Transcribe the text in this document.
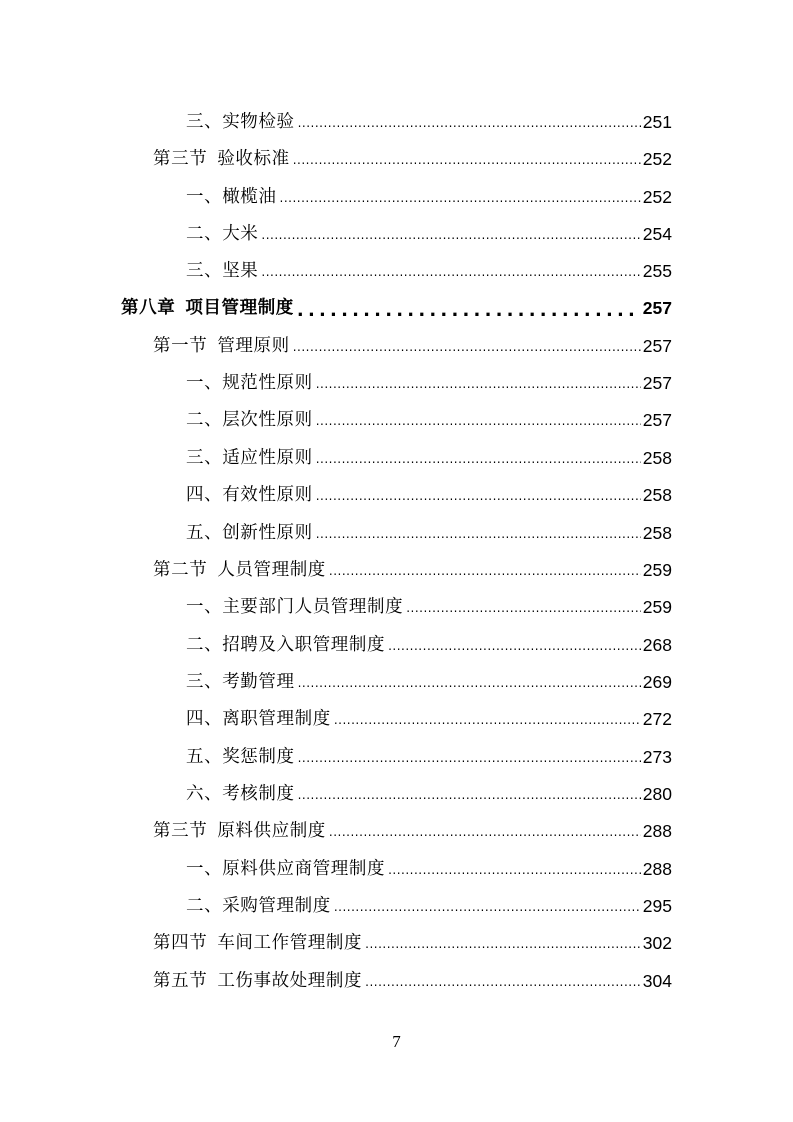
三、实物检验 .....	251
第三节 验收标准 .....	252
一、橄榄油 .....	252
二、大米 .....	254
三、坚果 .....	255
第八章 项目管理制度 .....	257
第一节 管理原则 .....	257
一、规范性原则 .....	257
二、层次性原则 .....	257
三、适应性原则 .....	258
四、有效性原则 .....	258
五、创新性原则 .....	258
第二节 人员管理制度 .....	259
一、主要部门人员管理制度 .....	259
二、招聘及入职管理制度 .....	268
三、考勤管理 .....	269
四、离职管理制度 .....	272
五、奖惩制度 .....	273
六、考核制度 .....	280
第三节 原料供应制度 .....	288
一、原料供应商管理制度 .....	288
二、采购管理制度 .....	295
第四节 车间工作管理制度 .....	302
第五节 工伤事故处理制度 .....	304
7
